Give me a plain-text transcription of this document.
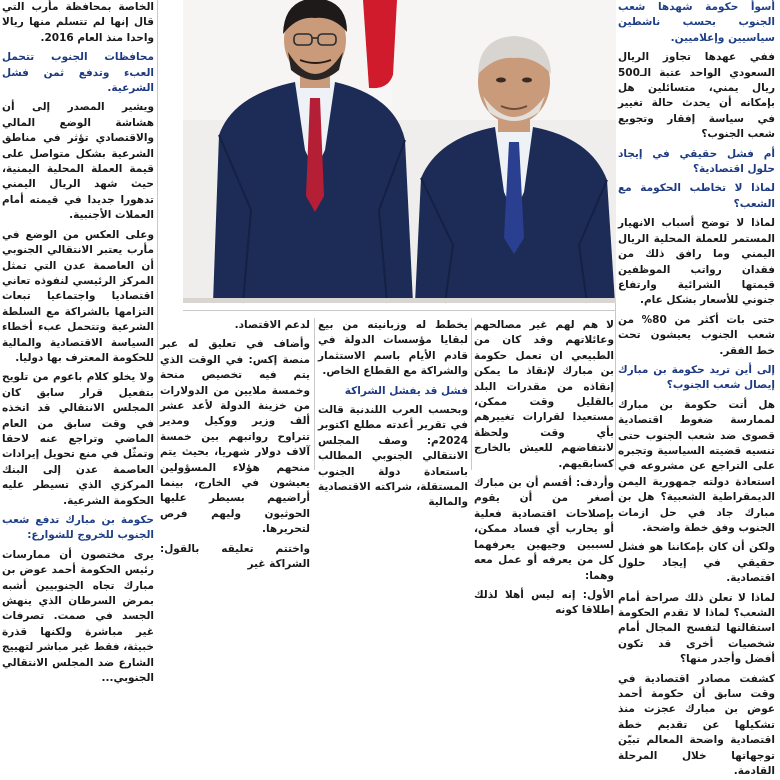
أسوأ حكومة شهدها شعب الجنوب بحسب ناشطين سياسيين وإعلاميين.

ففي عهدها تجاوز الريال السعودي الواحد عتبة الـ500 ريال يمني، متسائلين هل بإمكانه أن يحدث حالة تغيير في سياسة إفقار وتجويع شعب الجنوب؟

أم فشل حقيقي في إيجاد حلول اقتصادية؟

لماذا لا تخاطب الحكومة مع الشعب؟

لماذا لا توضح أسباب الانهيار المستمر للعملة المحلية الريال اليمني وما رافق ذلك من فقدان رواتب الموظفين قيمتها الشرائية وارتفاع جنوني للأسعار بشكل عام.

حتى بات أكثر من 80% من شعب الجنوب يعيشون تحت خط الفقر.

إلى أين تريد حكومة بن مبارك إيصال شعب الجنوب؟

هل أتت حكومة بن مبارك لممارسة ضغوط اقتصادية قصوى ضد شعب الجنوب حتى تنسيه قضيته السياسية وتجبره على التراجع عن مشروعه في استعادة دولته جمهورية اليمن الديمقراطية الشعبية؟ هل بن مبارك جاد في حل ازمات الجنوب وفق خطة واضحة.

ولكن أن كان بإمكاننا هو فشل حقيقي في إيجاد حلول اقتصادية.

لماذا لا تعلن ذلك صراحة أمام الشعب؟ لماذا لا تقدم الحكومة استقالتها لتفسح المجال أمام شخصيات أخرى قد تكون أفضل وأجدر منها؟

كشفت مصادر اقتصادية في وقت سابق أن حكومة أحمد عوض بن مبارك عجزت منذ تشكيلها عن تقديم خطة اقتصادية واضحة المعالم تبيّن توجهاتها خلال المرحلة القادمة.

لا هم لهم غير مصالحهم وعائلاتهم وقد كان من الطبيعي ان تعمل حكومة بن مبارك لإنقاذ ما يمكن إنقاذه من مقدرات البلد بالقليل وقت ممكن، مستعيدا لقرارات تغييرهم بأي وقت ولحظة لانتفاضهم للعيش بالخارج كسابقيهم.

وأردف: أقسم أن بن مبارك أصغر من أن يقوم بإصلاحات اقتصادية فعلية أو يحارب أي فساد ممكن، لسببين وجيهين يعرفهما كل من يعرفه أو عمل معه وهما:

الأول: إنه ليس أهلا لذلك إطلاقا كونه

يخطط له وزبانيته من بيع لبقايا مؤسسات الدولة في قادم الأيام باسم الاستثمار والشراكة مع القطاع الخاص.

فشل قد يفشل الشراكة

وبحسب العرب اللندنية قالت في تقرير أعدته مطلع اكتوبر 2024م: وصف المجلس الانتقالي الجنوبي المطالب باستعادة دولة الجنوب المستقلة، شراكته الاقتصادية والمالية

لدعم الاقتصاد.

وأضاف في تعليق له عبر منصة إكس: في الوقت الذي يتم فيه تخصيص منحة وخمسة ملايين من الدولارات من خزينة الدولة لأعد عشر ألف وزير ووكيل ومدير تتراوح رواتبهم بين خمسة آلاف دولار شهريا، بحيث يتم منحهم هؤلاء المسؤولين يعيشون في الخارج، بينما أراضيهم بسيطر عليها الحوثيون وليهم فرص لتحريرها.

واختتم تعليقه بالقول: الشراكة غير

الخاصة بمحافظة مأرب التي قال إنها لم تتسلم منها ريالا واحدا منذ العام 2016.

محافظات الجنوب تتحمل العبء وتدفع ثمن فشل الشرعية.

ويشير المصدر إلى أن هشاشة الوضع المالي والاقتصادي تؤثر في مناطق الشرعية بشكل متواصل على قيمة العملة المحلية اليمنية، حيث شهد الريال اليمني تدهورا جديدا في قيمته أمام العملات الأجنبية.

وعلى العكس من الوضع في مأرب يعتبر الانتقالي الجنوبي أن العاصمة عدن التي تمثل المركز الرئيسي لنفوذه تعاني اقتصاديا واجتماعيا تبعات التزامها بالشراكة مع السلطة الشرعية وتتحمل عبء أخطاء السياسة الاقتصادية والمالية للحكومة المعترف بها دوليا.

ولا يخلو كلام باعوم من تلويح بتفعيل قرار سابق كان المجلس الانتقالي قد اتخذه في وقت سابق من العام الماضي وتراجع عنه لاحقا وتمثّل في منع تحويل إيرادات العاصمة عدن إلى البنك المركزي الذي تسيطر عليه الحكومة الشرعية.

حكومة بن مبارك تدفع شعب الجنوب للخروج للشوارع:

يرى مختصون أن ممارسات رئيس الحكومة أحمد عوض بن مبارك تجاه الجنوبيين أشبه بمرض السرطان الذي ينهش الجسد في صمت. تصرفات غير مباشرة ولكنها قذرة خبيثة، فقط غير مباشر لتهييج الشارع ضد المجلس الانتقالي الجنوبي...
